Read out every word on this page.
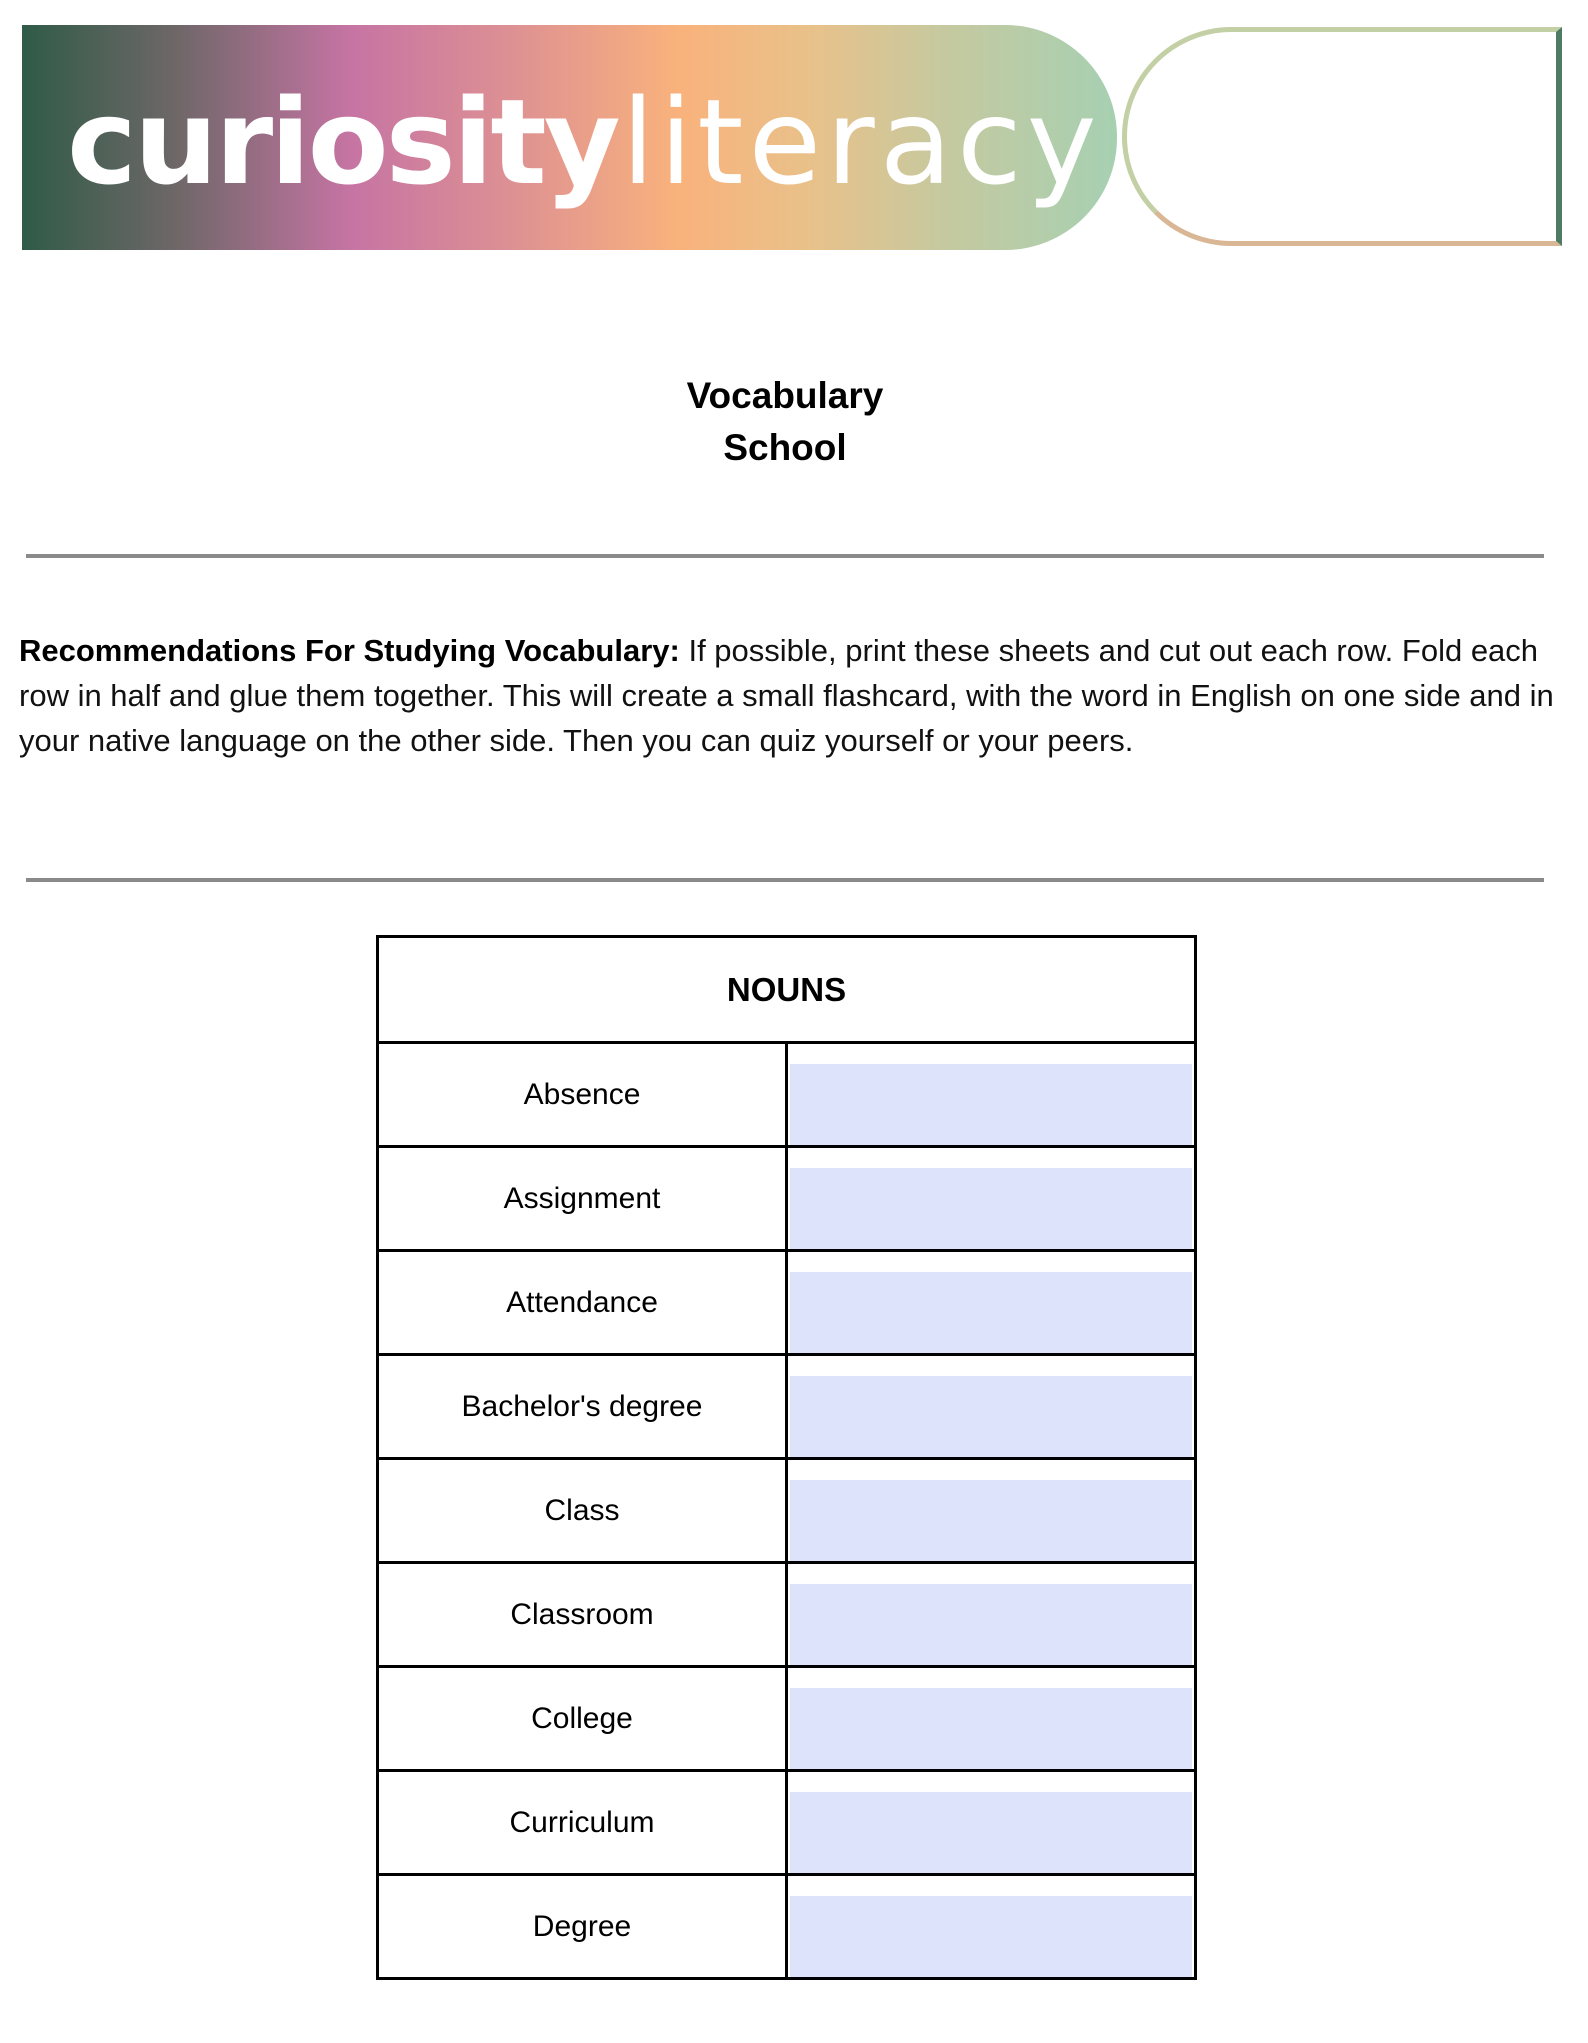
curiosityliteracy
Vocabulary
School

Recommendations For Studying Vocabulary: If possible, print these sheets and cut out each row. Fold each row in half and glue them together. This will create a small flashcard, with the word in English on one side and in your native language on the other side. Then you can quiz yourself or your peers.

NOUNS	
Absence	

Assignment	

Attendance	

Bachelor's degree	

Class	

Classroom	

College	

Curriculum	

Degree	
